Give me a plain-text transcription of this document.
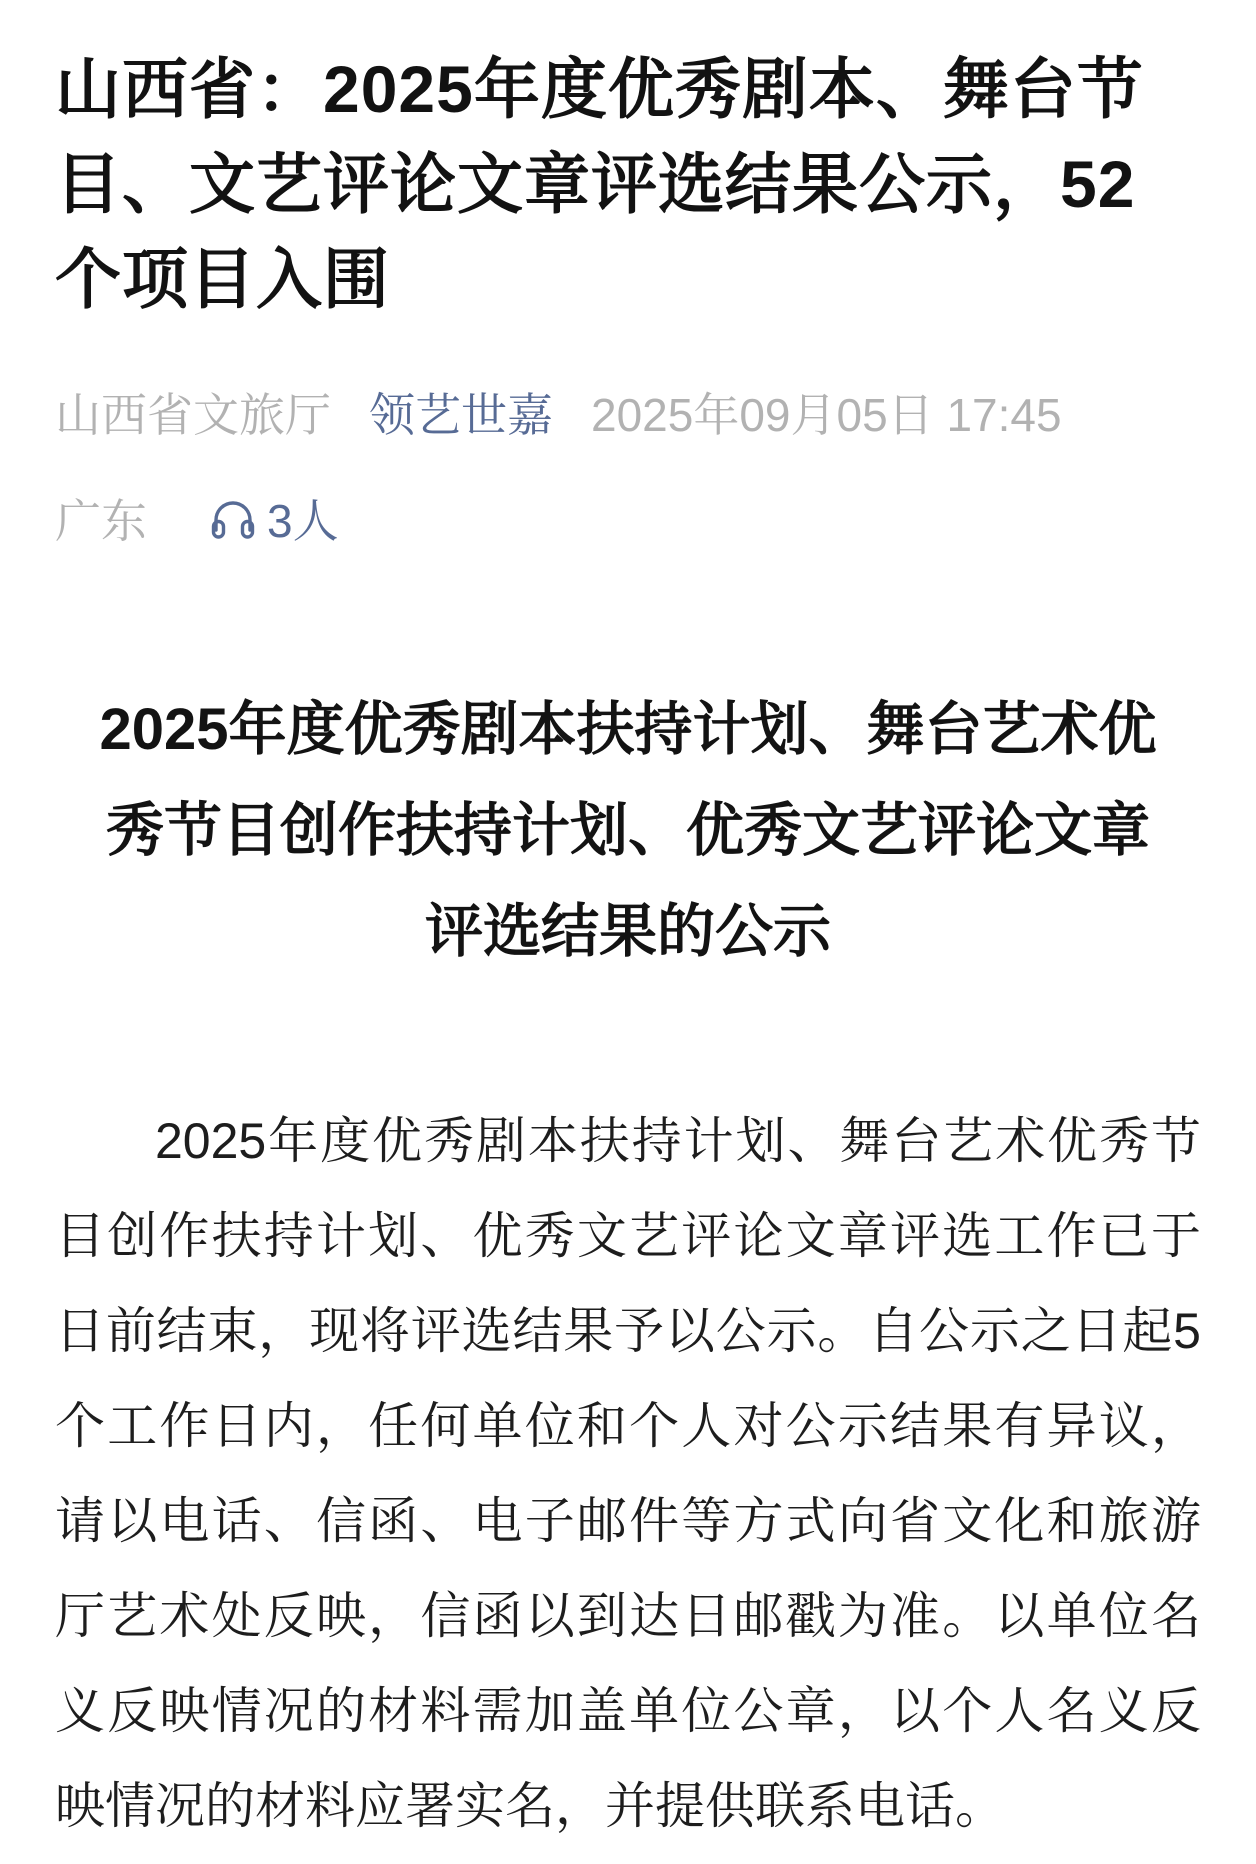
山西省：2025年度优秀剧本、舞台节目、文艺评论文章评选结果公示，52个项目入围
山西省文旅厅 领艺世嘉 2025年09月05日 17:45
广东	3人
2025年度优秀剧本扶持计划、舞台艺术优秀节目创作扶持计划、优秀文艺评论文章评选结果的公示

2025年度优秀剧本扶持计划、舞台艺术优秀节目创作扶持计划、优秀文艺评论文章评选工作已于日前结束，现将评选结果予以公示。自公示之日起5个工作日内，任何单位和个人对公示结果有异议，请以电话、信函、电子邮件等方式向省文化和旅游厅艺术处反映，信函以到达日邮戳为准。以单位名义反映情况的材料需加盖单位公章，以个人名义反映情况的材料应署实名，并提供联系电话。
